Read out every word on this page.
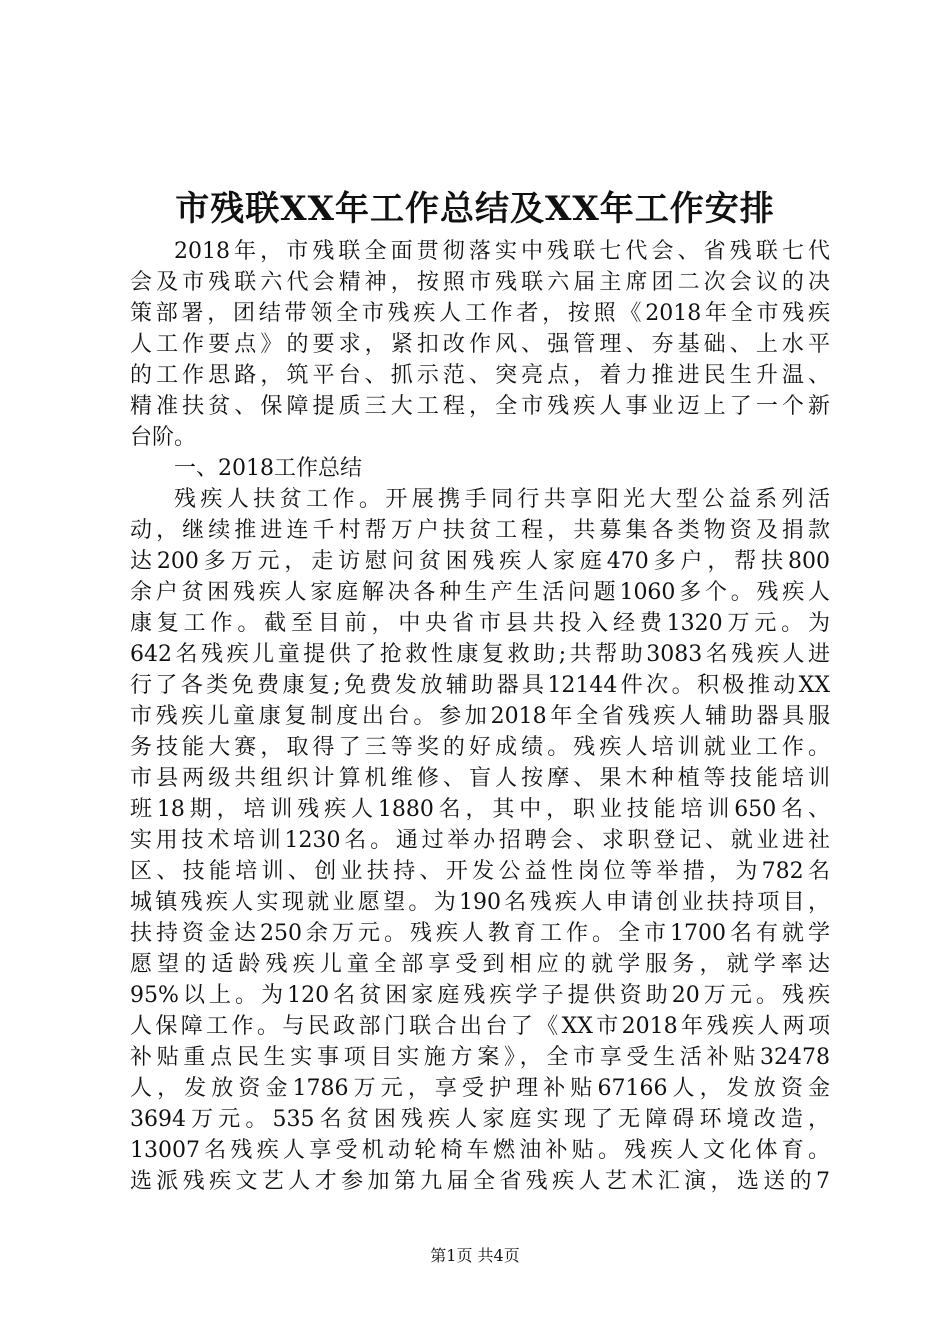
市残联XX年工作总结及XX年工作安排
2018年，市残联全面贯彻落实中残联七代会、省残联七代
会及市残联六代会精神，按照市残联六届主席团二次会议的决
策部署，团结带领全市残疾人工作者，按照《2018年全市残疾
人工作要点》的要求，紧扣改作风、强管理、夯基础、上水平
的工作思路，筑平台、抓示范、突亮点，着力推进民生升温、
精准扶贫、保障提质三大工程，全市残疾人事业迈上了一个新
台阶。
一、2018工作总结
残疾人扶贫工作。开展携手同行共享阳光大型公益系列活
动，继续推进连千村帮万户扶贫工程，共募集各类物资及捐款
达200多万元，走访慰问贫困残疾人家庭470多户，帮扶800
余户贫困残疾人家庭解决各种生产生活问题1060多个。残疾人
康复工作。截至目前，中央省市县共投入经费1320万元。为
642名残疾儿童提供了抢救性康复救助;共帮助3083名残疾人进
行了各类免费康复;免费发放辅助器具12144件次。积极推动XX
市残疾儿童康复制度出台。参加2018年全省残疾人辅助器具服
务技能大赛，取得了三等奖的好成绩。残疾人培训就业工作。
市县两级共组织计算机维修、盲人按摩、果木种植等技能培训
班18期，培训残疾人1880名，其中，职业技能培训650名、
实用技术培训1230名。通过举办招聘会、求职登记、就业进社
区、技能培训、创业扶持、开发公益性岗位等举措，为782名
城镇残疾人实现就业愿望。为190名残疾人申请创业扶持项目，
扶持资金达250余万元。残疾人教育工作。全市1700名有就学
愿望的适龄残疾儿童全部享受到相应的就学服务，就学率达
95%以上。为120名贫困家庭残疾学子提供资助20万元。残疾
人保障工作。与民政部门联合出台了《XX市2018年残疾人两项
补贴重点民生实事项目实施方案》，全市享受生活补贴32478
人，发放资金1786万元，享受护理补贴67166人，发放资金
3694万元。535名贫困残疾人家庭实现了无障碍环境改造，
13007名残疾人享受机动轮椅车燃油补贴。残疾人文化体育。
选派残疾文艺人才参加第九届全省残疾人艺术汇演，选送的7
第1页 共4页
